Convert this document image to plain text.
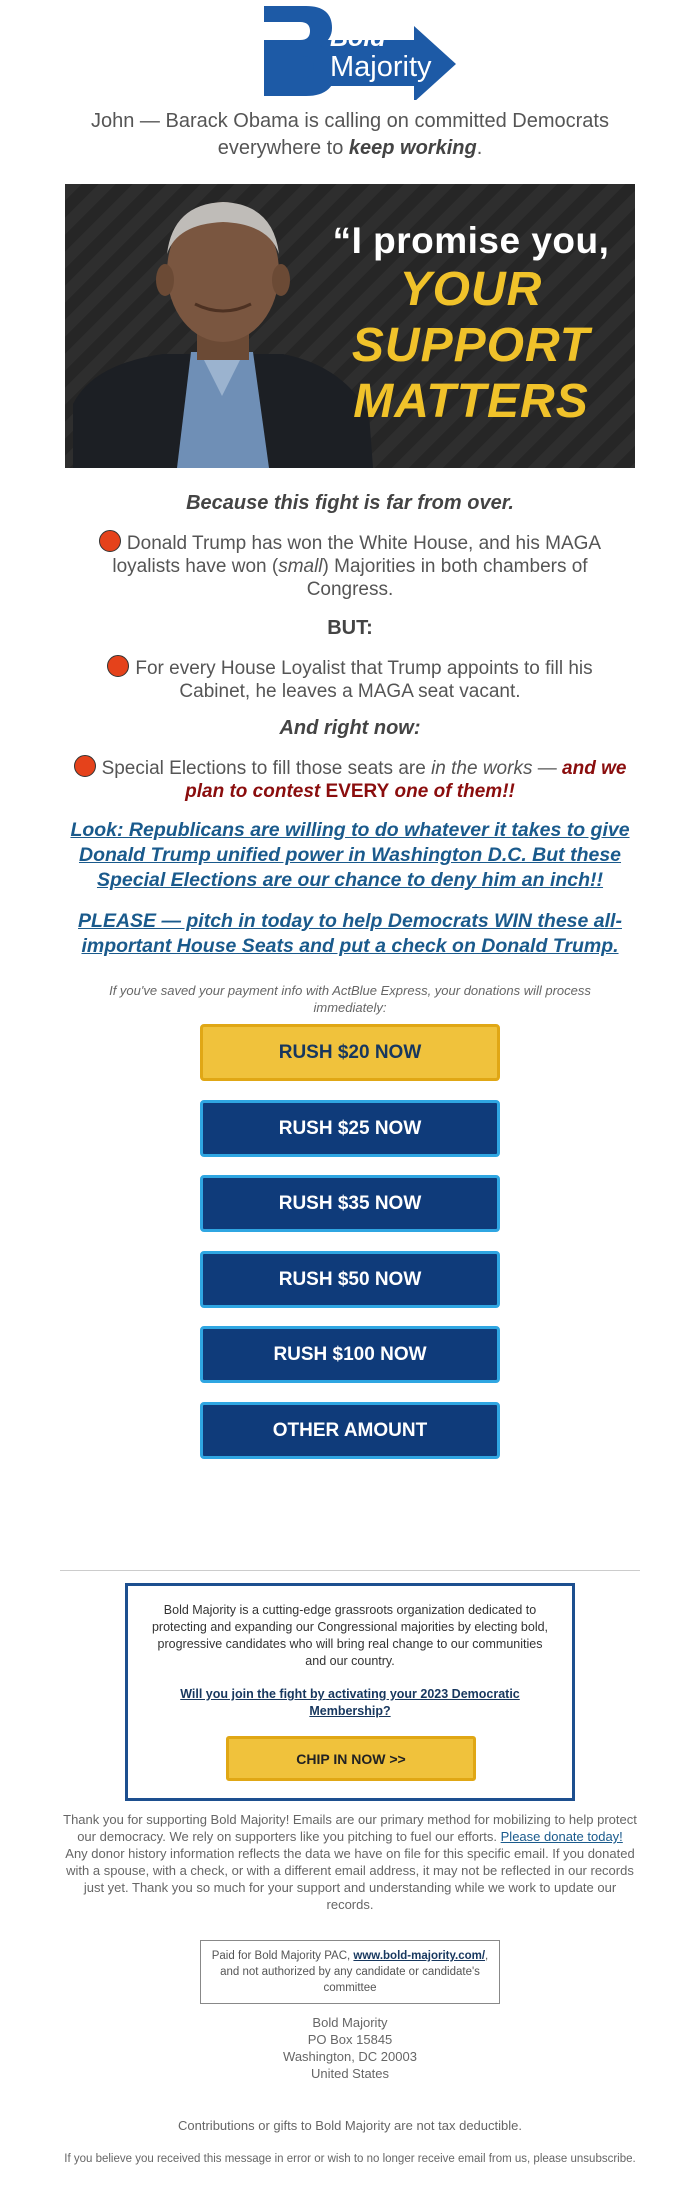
Bold
Majority
John — Barack Obama is calling on committed Democrats everywhere to keep working.
“I promise you,
YOUR
SUPPORT
MATTERS
Because this fight is far from over.
Donald Trump has won the White House, and his MAGA loyalists have won (small) Majorities in both chambers of Congress.
BUT:
For every House Loyalist that Trump appoints to fill his Cabinet, he leaves a MAGA seat vacant.
And right now:
Special Elections to fill those seats are in the works — and we plan to contest EVERY one of them!!
Look: Republicans are willing to do whatever it takes to give Donald Trump unified power in Washington D.C. But these Special Elections are our chance to deny him an inch!!
PLEASE — pitch in today to help Democrats WIN these all-important House Seats and put a check on Donald Trump.
If you've saved your payment info with ActBlue Express, your donations will process immediately:
RUSH $20 NOW
RUSH $25 NOW
RUSH $35 NOW
RUSH $50 NOW
RUSH $100 NOW
OTHER AMOUNT
Bold Majority is a cutting-edge grassroots organization dedicated to protecting and expanding our Congressional majorities by electing bold, progressive candidates who will bring real change to our communities and our country.
Will you join the fight by activating your 2023 Democratic Membership?
CHIP IN NOW >>
Thank you for supporting Bold Majority! Emails are our primary method for mobilizing to help protect our democracy. We rely on supporters like you pitching to fuel our efforts. Please donate today!
Any donor history information reflects the data we have on file for this specific email. If you donated with a spouse, with a check, or with a different email address, it may not be reflected in our records just yet. Thank you so much for your support and understanding while we work to update our records.
Paid for Bold Majority PAC, www.bold-majority.com/, and not authorized by any candidate or candidate's committee
Bold Majority
PO Box 15845
Washington, DC 20003
United States
Contributions or gifts to Bold Majority are not tax deductible.
If you believe you received this message in error or wish to no longer receive email from us, please unsubscribe.
